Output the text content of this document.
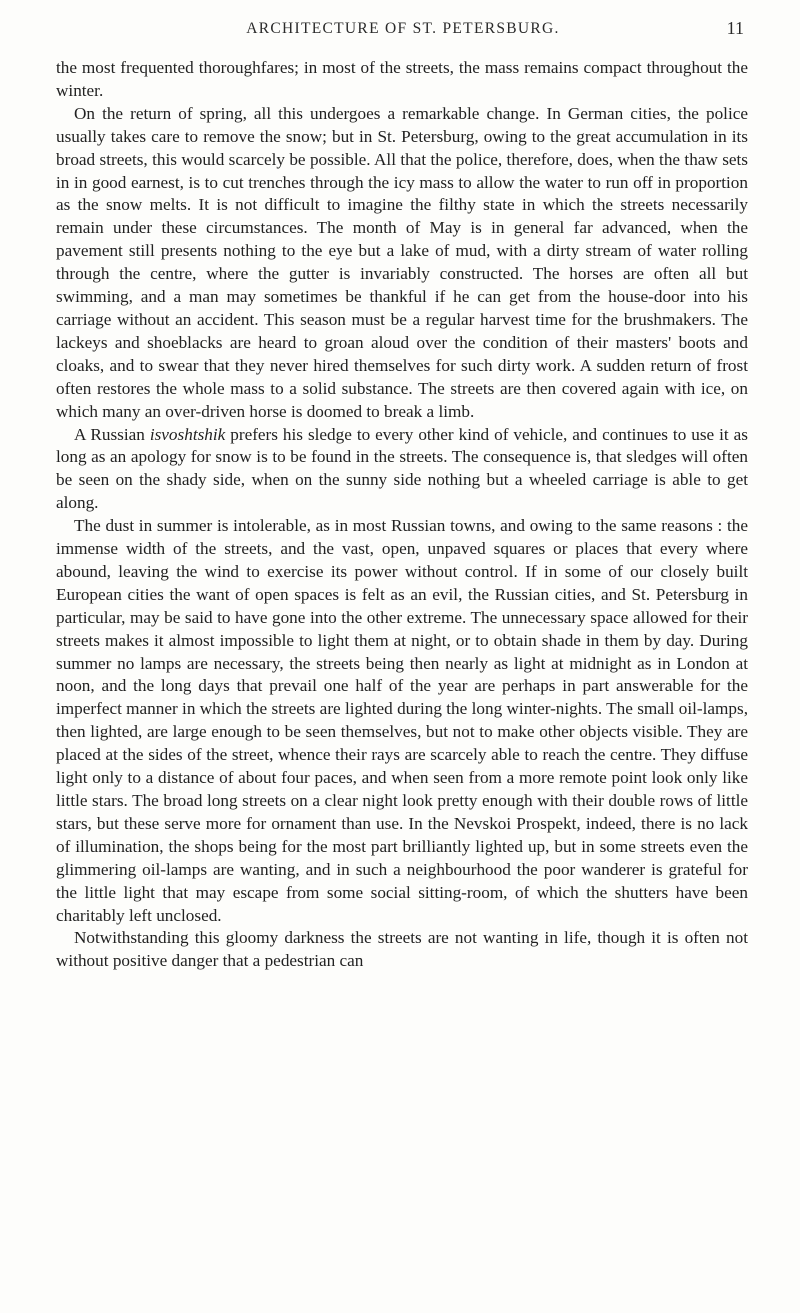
ARCHITECTURE OF ST. PETERSBURG.	11

the most frequented thoroughfares; in most of the streets, the mass remains compact throughout the winter.

On the return of spring, all this undergoes a remarkable change. In German cities, the police usually takes care to remove the snow; but in St. Petersburg, owing to the great accumulation in its broad streets, this would scarcely be possible. All that the police, therefore, does, when the thaw sets in in good earnest, is to cut trenches through the icy mass to allow the water to run off in proportion as the snow melts. It is not difficult to imagine the filthy state in which the streets necessarily remain under these circumstances. The month of May is in general far advanced, when the pavement still presents nothing to the eye but a lake of mud, with a dirty stream of water rolling through the centre, where the gutter is invariably constructed. The horses are often all but swimming, and a man may sometimes be thankful if he can get from the house-door into his carriage without an accident. This season must be a regular harvest time for the brushmakers. The lackeys and shoeblacks are heard to groan aloud over the condition of their masters' boots and cloaks, and to swear that they never hired themselves for such dirty work. A sudden return of frost often restores the whole mass to a solid substance. The streets are then covered again with ice, on which many an over-driven horse is doomed to break a limb.

A Russian isvoshtshik prefers his sledge to every other kind of vehicle, and continues to use it as long as an apology for snow is to be found in the streets. The consequence is, that sledges will often be seen on the shady side, when on the sunny side nothing but a wheeled carriage is able to get along.

The dust in summer is intolerable, as in most Russian towns, and owing to the same reasons : the immense width of the streets, and the vast, open, unpaved squares or places that every where abound, leaving the wind to exercise its power without control. If in some of our closely built European cities the want of open spaces is felt as an evil, the Russian cities, and St. Petersburg in particular, may be said to have gone into the other extreme. The unnecessary space allowed for their streets makes it almost impossible to light them at night, or to obtain shade in them by day. During summer no lamps are necessary, the streets being then nearly as light at midnight as in London at noon, and the long days that prevail one half of the year are perhaps in part answerable for the imperfect manner in which the streets are lighted during the long winter-nights. The small oil-lamps, then lighted, are large enough to be seen themselves, but not to make other objects visible. They are placed at the sides of the street, whence their rays are scarcely able to reach the centre. They diffuse light only to a distance of about four paces, and when seen from a more remote point look only like little stars. The broad long streets on a clear night look pretty enough with their double rows of little stars, but these serve more for ornament than use. In the Nevskoi Prospekt, indeed, there is no lack of illumination, the shops being for the most part brilliantly lighted up, but in some streets even the glimmering oil-lamps are wanting, and in such a neighbourhood the poor wanderer is grateful for the little light that may escape from some social sitting-room, of which the shutters have been charitably left unclosed.

Notwithstanding this gloomy darkness the streets are not wanting in life, though it is often not without positive danger that a pedestrian can
